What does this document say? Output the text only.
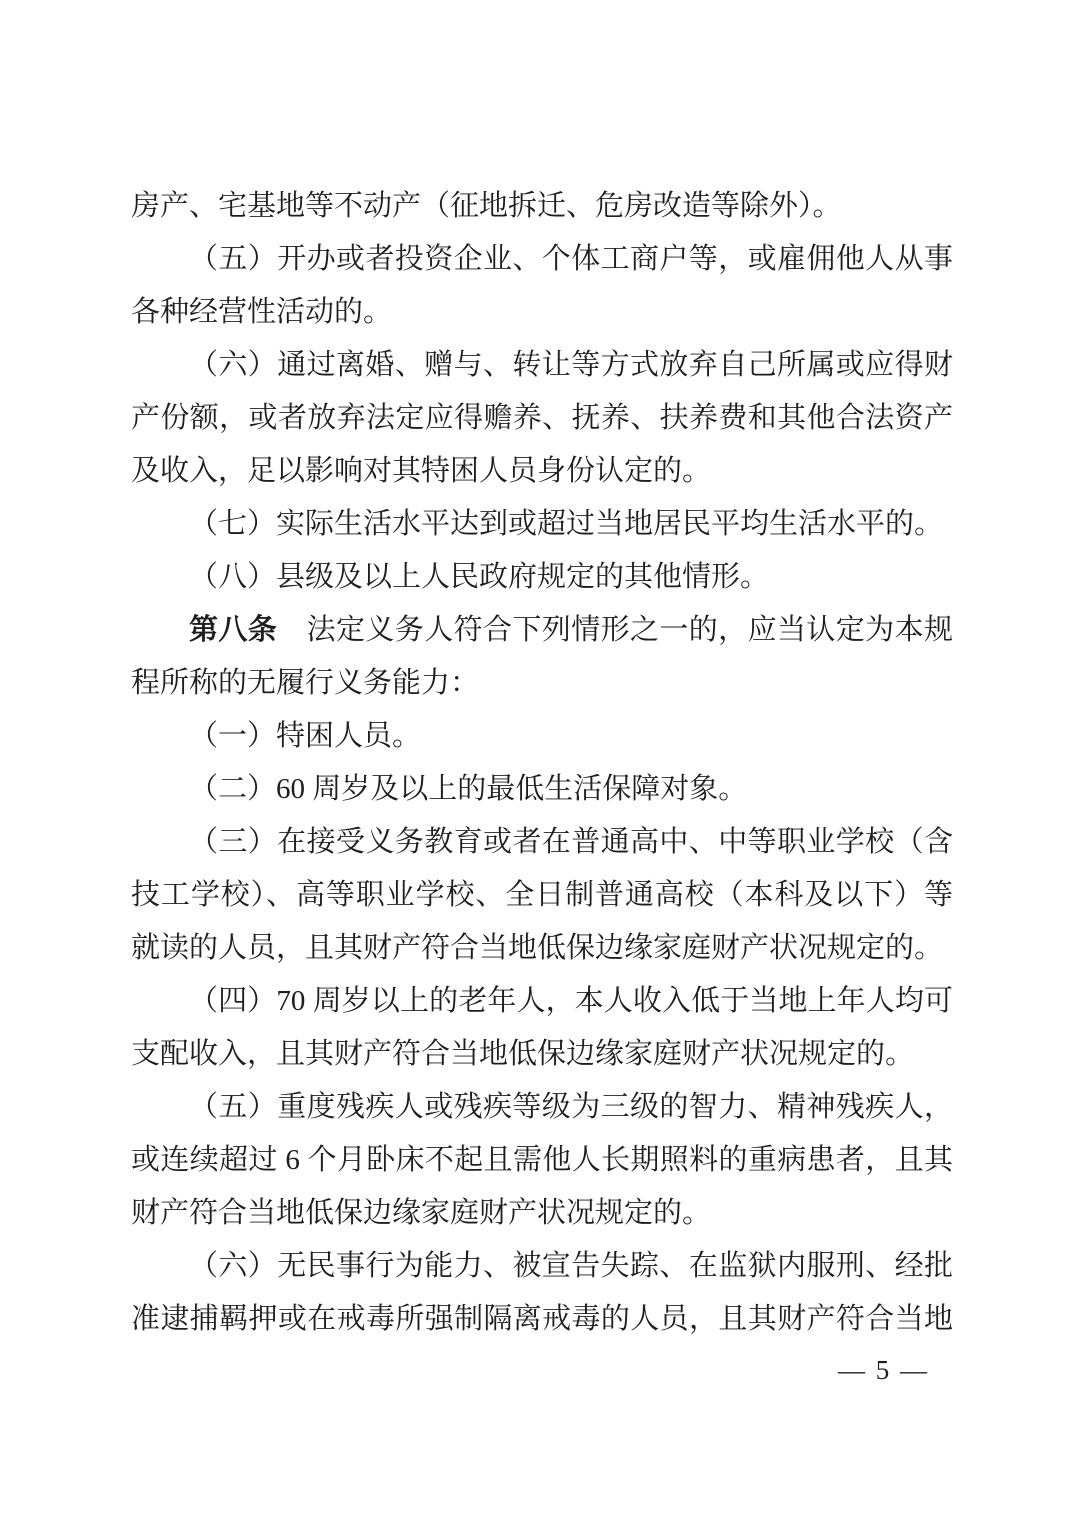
房产、宅基地等不动产（征地拆迁、危房改造等除外）。
（五）开办或者投资企业、个体工商户等，或雇佣他人从事
各种经营性活动的。
（六）通过离婚、赠与、转让等方式放弃自己所属或应得财
产份额，或者放弃法定应得赡养、抚养、扶养费和其他合法资产
及收入，足以影响对其特困人员身份认定的。
（七）实际生活水平达到或超过当地居民平均生活水平的。
（八）县级及以上人民政府规定的其他情形。
第八条　法定义务人符合下列情形之一的，应当认定为本规
程所称的无履行义务能力：
（一）特困人员。
（二）60 周岁及以上的最低生活保障对象。
（三）在接受义务教育或者在普通高中、中等职业学校（含
技工学校）、高等职业学校、全日制普通高校（本科及以下）等
就读的人员，且其财产符合当地低保边缘家庭财产状况规定的。
（四）70 周岁以上的老年人，本人收入低于当地上年人均可
支配收入，且其财产符合当地低保边缘家庭财产状况规定的。
（五）重度残疾人或残疾等级为三级的智力、精神残疾人，
或连续超过 6 个月卧床不起且需他人长期照料的重病患者，且其
财产符合当地低保边缘家庭财产状况规定的。
（六）无民事行为能力、被宣告失踪、在监狱内服刑、经批
准逮捕羁押或在戒毒所强制隔离戒毒的人员，且其财产符合当地
— 5 —
